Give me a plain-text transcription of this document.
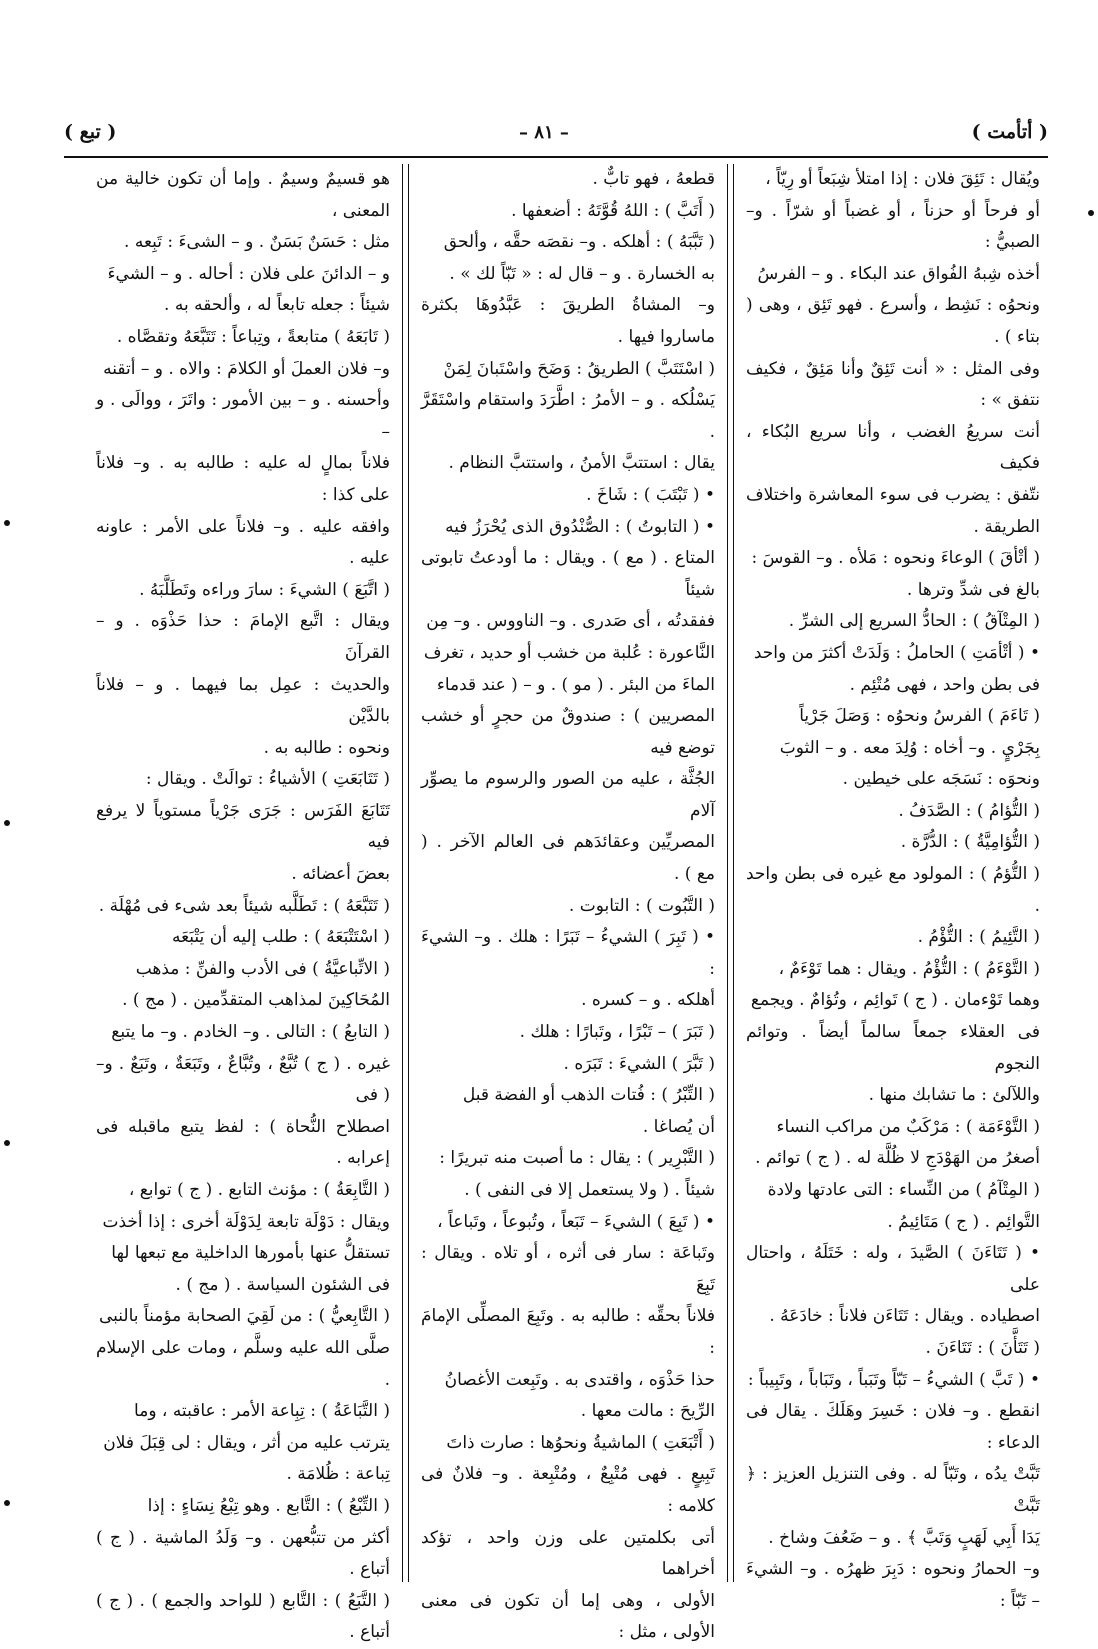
( أتأمت )
– ٨١ –
( تبع )

ويُقال : تَئِقَ فلان : إذا امتلأ شِبَعاً أو رِيّاً ،

أو فرحاً أو حزناً ، أو غضباً أو شرّاً . و– الصبيُّ :

أخذه شِبهُ الفُواق عند البكاء . و – الفرسُ

ونحوُه : نَشِط ، وأسرع . فهو تَئِق ، وهى ( بتاء ) .

وفى المثل : « أنت تَئِقٌ وأنا مَئِقٌ ، فكيف نتفق » :

أنت سريعُ الغضب ، وأنا سريع البُكاء ، فكيف

نتّفق : يضرب فى سوء المعاشرة واختلاف الطريقة .

( أتْأقَ ) الوعاءَ ونحوه : مَلأه . و– القوسَ :

بالغ فى شدِّ وترها .

( المِتْآقُ ) : الحادُّ السريع إلى الشرِّ .

• ( أتْأمَتِ ) الحاملُ : وَلَدَتْ أكثرَ من واحد

فى بطن واحد ، فهى مُتْئِم .

( تَاءَمَ ) الفرسُ ونحوُه : وَصَلَ جَرْياً

بِجَرْيٍ . و– أخاه : وُلِدَ معه . و – الثوبَ

ونحوَه : نَسَجَه على خيطين .

( التُّؤامُ ) : الصَّدَفُ .

( التُّؤامِيَّةُ ) : الدُّرَّة .

( التُّؤمُ ) : المولود مع غيره فى بطن واحد .

( التَّئِيمُ ) : التُّؤْمُ .

( التَّوْءَمُ ) : التُّؤْمُ . ويقال : هما تَوْءَمٌ ،

وهما تَوْءمان . ( ج ) تَوائِم ، وتُؤامٌ . ويجمع

فى العقلاء جمعاً سالماً أيضاً . وتوائم النجوم

واللآلئ : ما تشابك منها .

( التَّوْءَمَة ) : مَرْكَبٌ من مراكب النساء

أصغرُ من الهَوْدَجِ لا ظُلَّة له . ( ج ) توائم .

( المِتْآمُ ) من النِّساء : التى عادتها ولادة

التَّوائِم . ( ج ) مَتَائِيمُ .

• ( تَتَاءَنَ ) الصَّيدَ ، وله : خَتَلَهُ ، واحتال على

اصطياده . ويقال : تَتَاءَن فلاناً : خادَعَهُ .

( تَتَأَّنَ ) : تَتَاءَنَ .

• ( تَبَّ ) الشيءُ – تَبّاً وتَبَباً ، وتَبَاباً ، وتَبِيباً :

انقطع . و– فلان : خَسِرَ وهَلَكَ . يقال فى الدعاء :

تَبَّتْ يدُه ، وتَبّاً له . وفى التنزيل العزيز : ﴿ تَبَّتْ

يَدَا أَبِي لَهَبٍ وَتَبَّ ﴾ . و – ضَعُفَ وشاخ .

و– الحمارُ ونحوه : دَبِرَ ظهرُه . و– الشيءَ – تَبّاً :

قطعهُ ، فهو تابٌّ .

( أَتَبَّ ) : اللهُ قُوَّتَهُ : أضعفها .

( تَبَّبَهُ ) : أهلكه . و– نقصَه حقَّه ، وألحق

به الخسارة . و – قال له : « تَبّاً لك » .

و– المشاةُ الطريقَ : عَبَّدُوهَا بكثرة ماساروا فيها .

( اسْتَتَبَّ ) الطريقُ : وَضَحَ واسْتَبانَ لِمَنْ

يَسْلُكه . و – الأمرُ : اطَّرَدَ واستقام واسْتَقَرَّ .

يقال : استتبَّ الأمنُ ، واستتبَّ النظام .

• ( تَبْتَبَ ) : شَاخَ .

• ( التابوتُ ) : الصُّنْدُوق الذى يُحْرَزُ فيه

المتاع . ( مع ) . ويقال : ما أودعتُ تابوتى شيئاً

ففقدتُه ، أى صَدرى . و– الناووس . و– مِن

النَّاعورة : عُلبة من خشب أو حديد ، تغرف

الماءَ من البئر . ( مو ) . و – ( عند قدماء

المصريين ) : صندوقٌ من حجرٍ أو خشب توضع فيه

الجُثَّة ، عليه من الصور والرسوم ما يصوِّر آلام

المصريِّين وعقائدَهم فى العالم الآخر . ( مع ) .

( التَّبُوت ) : التابوت .

• ( تَبِرَ ) الشيءُ – تَبَرًا : هلك . و– الشيءَ :

أهلكه . و – كسره .

( تَبَرَ ) – تَبْرًا ، وتَبارًا : هلك .

( تَبَّرَ ) الشيءَ : تَبَرَه .

( التِّبْرُ ) : فُتات الذهب أو الفضة قبل

أن يُصاغا .

( التَّبْرِير ) : يقال : ما أصبت منه تبريرًا :

شيئاً . ( ولا يستعمل إلا فى النفى ) .

• ( تَبِعَ ) الشيءَ – تَبَعاً ، وتُبوعاً ، وتَباعاً ،

وتَباعَة : سار فى أثره ، أو تلاه . ويقال : تَبِعَ

فلاناً بحقِّه : طالبه به . وتَبِعَ المصلِّى الإمامَ :

حذا حَذْوَه ، واقتدى به . وتَبِعت الأغصانُ

الرِّيحَ : مالت معها .

( أَتْبَعَتِ ) الماشيةُ ونحوُها : صارت ذاتَ

تَبِيعٍ . فهى مُتْبِعٌ ، ومُتْبِعة . و– فلانٌ فى كلامه :

أتى بكلمتين على وزن واحد ، تؤكد أخراهما

الأولى ، وهى إما أن تكون فى معنى الأولى ، مثل :

هو قسيمٌ وسيمٌ . وإما أن تكون خالية من المعنى ،

مثل : حَسَنٌ بَسَنٌ . و – الشىءَ : تَبِعه .

و – الدائنَ على فلان : أحاله . و – الشيءَ

شيئاً : جعله تابعاً له ، وألحقه به .

( تَابَعَهُ ) متابعةً ، وتِباعاً : تَتَبَّعَهُ وتقصَّاه .

و– فلان العملَ أو الكلامَ : والاه . و – أتقنه

وأحسنه . و – بين الأمور : واتَرَ ، ووالَى . و –

فلاناً بمالٍ له عليه : طالبه به . و– فلاناً على كذا :

وافقه عليه . و– فلاناً على الأمر : عاونه عليه .

( اتَّبَعَ ) الشيءَ : سارَ وراءه وتَطَلَّبَهُ .

ويقال : اتَّبع الإمامَ : حذا حَذْوَه . و – القرآنَ

والحديث : عمِل بما فيهما . و – فلاناً بالدَّيْن

ونحوه : طالبه به .

( تَتَابَعَتِ ) الأشياءُ : توالَتْ . ويقال :

تَتَابَعَ الفَرَس : جَرَى جَرْياً مستوياً لا يرفع فيه

بعضَ أعضائه .

( تَتَبَّعَهُ ) : تَطَلَّبه شيئاً بعد شىء فى مُهْلَة .

( اسْتَتْبَعَهُ ) : طلب إليه أن يَتْبَعَه

( الاتِّباعيَّةُ ) فى الأدب والفنِّ : مذهب

المُحَاكِينَ لمذاهب المتقدِّمين . ( مج ) .

( التابعُ ) : التالى . و– الخادم . و– ما يتبع

غيره . ( ج ) تُبَّعٌ ، وتُبَّاعٌ ، وتَبَعَةٌ ، وتَبَعٌ . و– ( فى

اصطلاح النُّحاة ) : لفظ يتبع ماقبله فى إعرابه .

( التَّابِعَةُ ) : مؤنث التابع . ( ج ) توابع ،

ويقال : دَوْلَة تابعة لِدَوْلَة أخرى : إذا أخذت

تستقلُّ عنها بأمورها الداخلية مع تبعها لها

فى الشئون السياسة . ( مج ) .

( التَّابِعيُّ ) : من لَقِيَ الصحابة مؤمناً بالنبى

صلَّى الله عليه وسلَّم ، ومات على الإسلام .

( التَّبَاعَةُ ) : تِبِاعة الأمر : عاقبته ، وما

يترتب عليه من أثر ، ويقال : لى قِبَلَ فلان

تِباعة : ظُلامَة .

( التِّبْعُ ) : التَّابع . وهو تِبْعُ نِسَاءٍ : إذا

أكثر من تتبُّعهن . و– وَلَدُ الماشية . ( ج ) أتباع .

( التَّبَعُ ) : التَّابع ( للواحد والجمع ) . ( ج ) أتباع .
